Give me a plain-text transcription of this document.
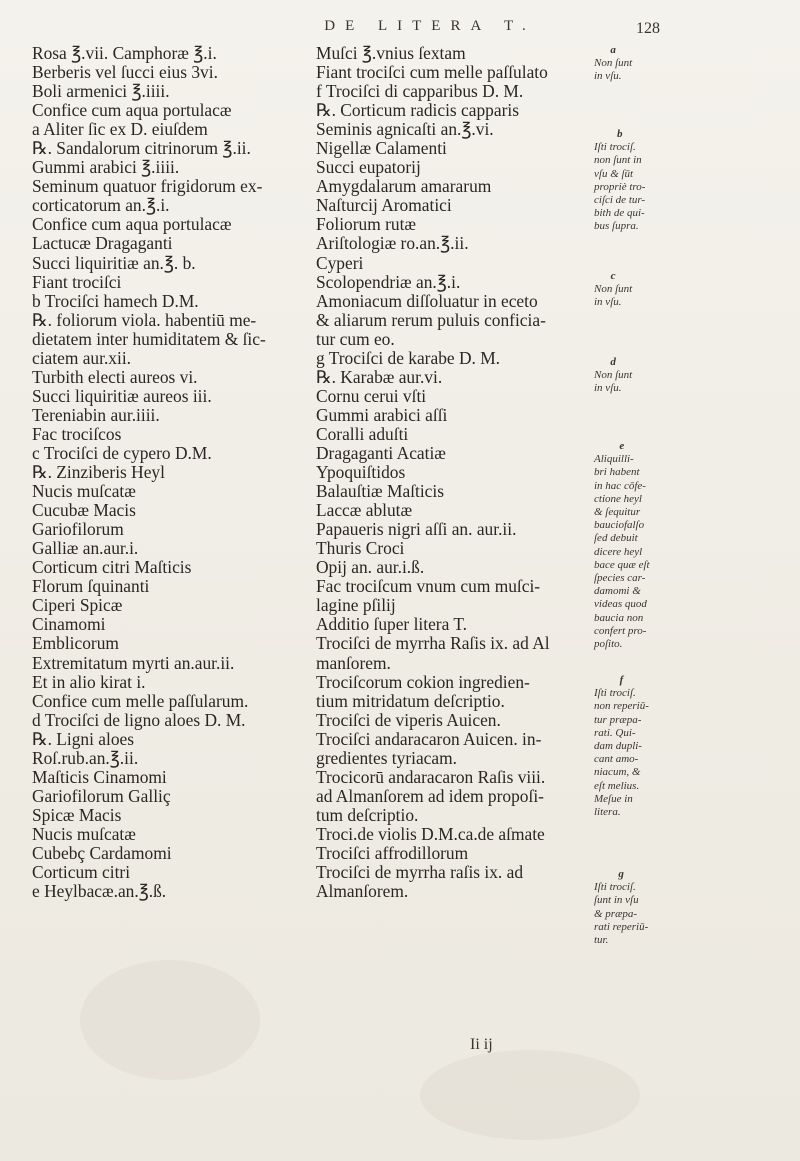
DE LITERA T.	128
Rosa ℥.vii. Camphoræ ℥.i.
Berberis vel ſucci eius 3vi.
Boli armenici ℥.iiii.
Confice cum aqua portulacæ
a Aliter ſic ex D. eiuſdem
℞. Sandalorum citrinorum ℥.ii.
Gummi arabici ℥.iiii.
Seminum quatuor frigidorum ex-
corticatorum an.℥.i.
Confice cum aqua portulacæ
Lactucæ Dragaganti
Succi liquiritiæ an.℥. b.
Fiant trociſci
b Trociſci hamech D.M.
℞. foliorum viola. habentiū me-
dietatem inter humiditatem & ſic-
ciatem aur.xii.
Turbith electi aureos vi.
Succi liquiritiæ aureos iii.
Tereniabin aur.iiii.
Fac trociſcos
c Trociſci de cypero D.M.
℞. Zinziberis Heyl
Nucis muſcatæ
Cucubæ Macis
Gariofilorum
Galliæ an.aur.i.
Corticum citri Maſticis
Florum ſquinanti
Ciperi Spicæ
Cinamomi
Emblicorum
Extremitatum myrti an.aur.ii.
Et in alio kirat i.
Confice cum melle paſſularum.
d Trociſci de ligno aloes D. M.
℞. Ligni aloes
Roſ.rub.an.℥.ii.
Maſticis Cinamomi
Gariofilorum Galliç
Spicæ Macis
Nucis muſcatæ
Cubebç Cardamomi
Corticum citri
e Heylbacæ.an.℥.ß.
Muſci ℥.vnius ſextam
Fiant trociſci cum melle paſſulato
f Trociſci di capparibus D. M.
℞. Corticum radicis capparis
Seminis agnicaſti an.℥.vi.
Nigellæ Calamenti
Succi eupatorij
Amygdalarum amararum
Naſturcij Aromatici
Foliorum rutæ
Ariſtologiæ ro.an.℥.ii.
Cyperi
Scolopendriæ an.℥.i.
Amoniacum diſſoluatur in eceto
& aliarum rerum puluis conficia-
tur cum eo.
g Trociſci de karabe D. M.
℞. Karabæ aur.vi.
Cornu cerui vſti
Gummi arabici aſſi
Coralli aduſti
Dragaganti Acatiæ
Ypoquiſtidos
Balauſtiæ Maſticis
Laccæ ablutæ
Papaueris nigri aſſi an. aur.ii.
Thuris Croci
Opij an. aur.i.ß.
Fac trociſcum vnum cum muſci-
lagine pſilij
Additio ſuper litera T.
Trociſci de myrrha Raſis ix. ad Al
manſorem.
Trociſcorum cokion ingredien-
tium mitridatum deſcriptio.
Trociſci de viperis Auicen.
Trociſci andaracaron Auicen. in-
gredientes tyriacam.
Trocicorū andaracaron Raſis viii.
ad Almanſorem ad idem propoſi-
tum deſcriptio.
Troci.de violis D.M.ca.de aſmate
Trociſci affrodillorum
Trociſci de myrrha raſis ix. ad
Almanſorem.
a
Non ſunt
in vſu.
b
Iſti trociſ.
non ſunt in
vſu & ſūt
propriè tro-
ciſci de tur-
bith de qui-
bus ſupra.
c
Non ſunt
in vſu.
d
Non ſunt
in vſu.
e
Aliquilli-
bri habent
in hac cōfe-
ctione heyl
& ſequitur
bauciofalſo
ſed debuit
dicere heyl
bace quæ eſt
ſpecies car-
damomi &
videas quod
baucia non
confert pro-
poſito.
f
Iſti trociſ.
non reperiū-
tur præpa-
rati. Qui-
dam dupli-
cant amo-
niacum, &
eſt melius.
Meſue in
litera.
g
Iſti trociſ.
ſunt in vſu
& præpa-
rati reperiū-
tur.
Ii ij
